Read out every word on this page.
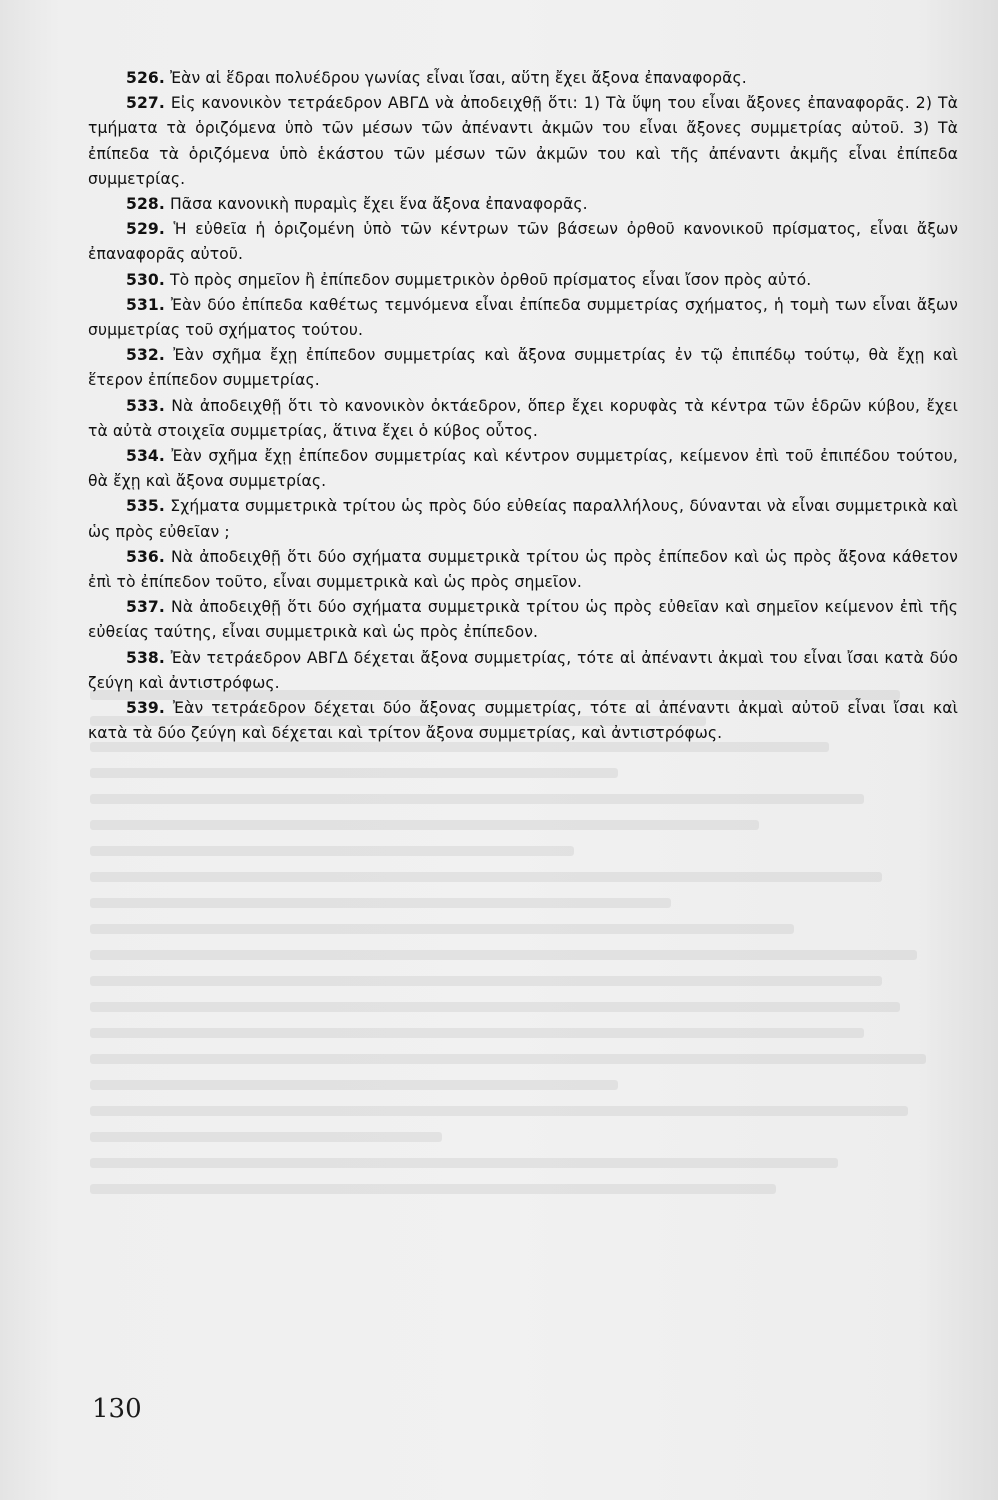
526. Ἐὰν αἱ ἕδραι πολυέδρου γωνίας εἶναι ἴσαι, αὕτη ἔχει ἄξονα ἐπαναφορᾶς.

527. Εἰς κανονικὸν τετράεδρον ΑΒΓΔ νὰ ἀποδειχθῇ ὅτι: 1) Τὰ ὕψη του εἶναι ἄξονες ἐπαναφορᾶς. 2) Τὰ τμήματα τὰ ὁριζόμενα ὑπὸ τῶν μέσων τῶν ἀπέναντι ἀκμῶν του εἶναι ἄξονες συμμετρίας αὐτοῦ. 3) Τὰ ἐπίπεδα τὰ ὁριζόμενα ὑπὸ ἑκάστου τῶν μέσων τῶν ἀκμῶν του καὶ τῆς ἀπέναντι ἀκμῆς εἶναι ἐπίπεδα συμμετρίας.

528. Πᾶσα κανονικὴ πυραμὶς ἔχει ἕνα ἄξονα ἐπαναφορᾶς.

529. Ἡ εὐθεῖα ἡ ὁριζομένη ὑπὸ τῶν κέντρων τῶν βάσεων ὀρθοῦ κανονικοῦ πρίσματος, εἶναι ἄξων ἐπαναφορᾶς αὐτοῦ.

530. Τὸ πρὸς σημεῖον ἢ ἐπίπεδον συμμετρικὸν ὀρθοῦ πρίσματος εἶναι ἴσον πρὸς αὐτό.

531. Ἐὰν δύο ἐπίπεδα καθέτως τεμνόμενα εἶναι ἐπίπεδα συμμετρίας σχήματος, ἡ τομὴ των εἶναι ἄξων συμμετρίας τοῦ σχήματος τούτου.

532. Ἐὰν σχῆμα ἔχῃ ἐπίπεδον συμμετρίας καὶ ἄξονα συμμετρίας ἐν τῷ ἐπιπέδῳ τούτῳ, θὰ ἔχῃ καὶ ἕτερον ἐπίπεδον συμμετρίας.

533. Νὰ ἀποδειχθῇ ὅτι τὸ κανονικὸν ὀκτάεδρον, ὅπερ ἔχει κορυφὰς τὰ κέντρα τῶν ἑδρῶν κύβου, ἔχει τὰ αὐτὰ στοιχεῖα συμμετρίας, ἅτινα ἔχει ὁ κύβος οὗτος.

534. Ἐὰν σχῆμα ἔχῃ ἐπίπεδον συμμετρίας καὶ κέντρον συμμετρίας, κείμενον ἐπὶ τοῦ ἐπιπέδου τούτου, θὰ ἔχῃ καὶ ἄξονα συμμετρίας.

535. Σχήματα συμμετρικὰ τρίτου ὡς πρὸς δύο εὐθείας παραλλήλους, δύνανται νὰ εἶναι συμμετρικὰ καὶ ὡς πρὸς εὐθεῖαν ;

536. Νὰ ἀποδειχθῇ ὅτι δύο σχήματα συμμετρικὰ τρίτου ὡς πρὸς ἐπίπεδον καὶ ὡς πρὸς ἄξονα κάθετον ἐπὶ τὸ ἐπίπεδον τοῦτο, εἶναι συμμετρικὰ καὶ ὡς πρὸς σημεῖον.

537. Νὰ ἀποδειχθῇ ὅτι δύο σχήματα συμμετρικὰ τρίτου ὡς πρὸς εὐθεῖαν καὶ σημεῖον κείμενον ἐπὶ τῆς εὐθείας ταύτης, εἶναι συμμετρικὰ καὶ ὡς πρὸς ἐπίπεδον.

538. Ἐὰν τετράεδρον ΑΒΓΔ δέχεται ἄξονα συμμετρίας, τότε αἱ ἀπέναντι ἀκμαὶ του εἶναι ἴσαι κατὰ δύο ζεύγη καὶ ἀντιστρόφως.

539. Ἐὰν τετράεδρον δέχεται δύο ἄξονας συμμετρίας, τότε αἱ ἀπέναντι ἀκμαὶ αὐτοῦ εἶναι ἴσαι καὶ κατὰ τὰ δύο ζεύγη καὶ δέχεται καὶ τρίτον ἄξονα συμμετρίας, καὶ ἀντιστρόφως.

130
